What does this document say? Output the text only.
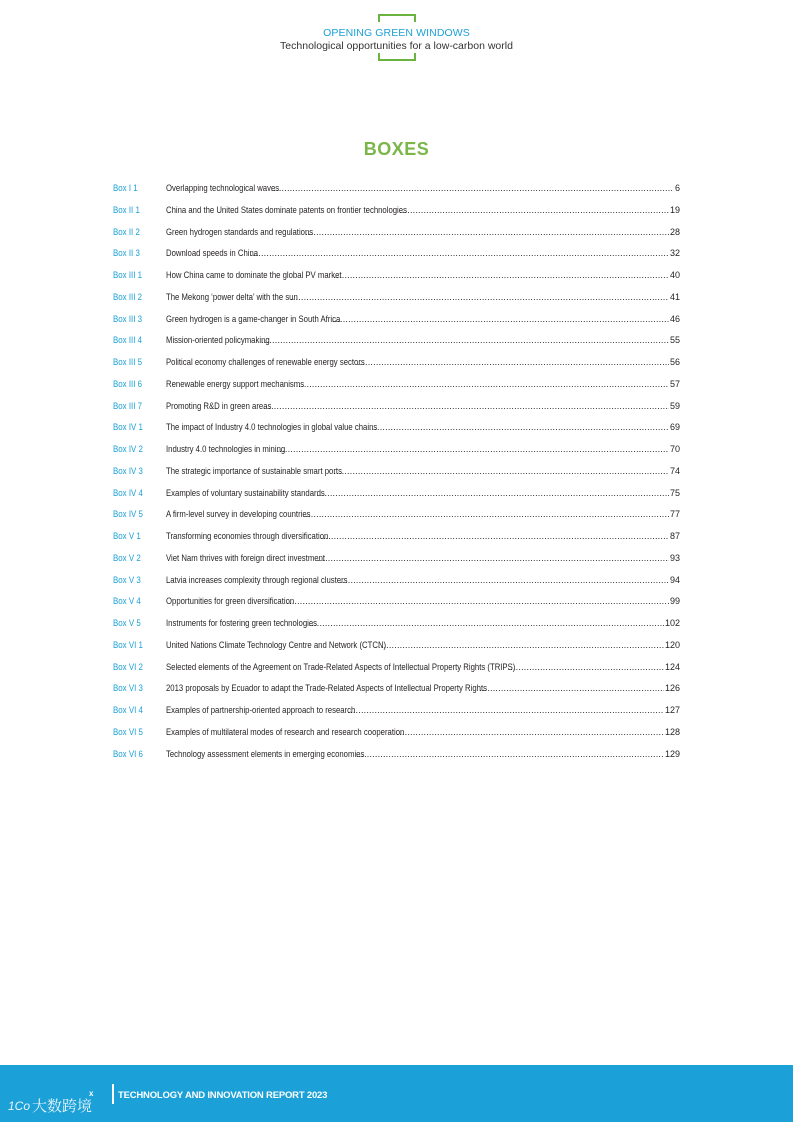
OPENING GREEN WINDOWS
Technological opportunities for a low-carbon world
BOXES
Box I 1	Overlapping technological waves .....	6
Box II 1	China and the United States dominate patents on frontier technologies .....	19
Box II 2	Green hydrogen standards and regulations .....	28
Box II 3	Download speeds in China .....	32
Box III 1	How China came to dominate the global PV market .....	40
Box III 2	The Mekong ‘power delta’ with the sun .....	41
Box III 3	Green hydrogen is a game-changer in South Africa .....	46
Box III 4	Mission-oriented policymaking .....	55
Box III 5	Political economy challenges of renewable energy sectors .....	56
Box III 6	Renewable energy support mechanisms .....	57
Box III 7	Promoting R&D in green areas .....	59
Box IV 1	The impact of Industry 4.0 technologies in global value chains .....	69
Box IV 2	Industry 4.0 technologies in mining .....	70
Box IV 3	The strategic importance of sustainable smart ports .....	74
Box IV 4	Examples of voluntary sustainability standards .....	75
Box IV 5	A firm-level survey in developing countries .....	77
Box V 1	Transforming economies through diversification .....	87
Box V 2	Viet Nam thrives with foreign direct investment .....	93
Box V 3	Latvia increases complexity through regional clusters .....	94
Box V 4	Opportunities for green diversification .....	99
Box V 5	Instruments for fostering green technologies .....	102
Box VI 1	United Nations Climate Technology Centre and Network (CTCN) .....	120
Box VI 2	Selected elements of the Agreement on Trade-Related Aspects of Intellectual Property Rights (TRIPS) .....	124
Box VI 3	2013 proposals by Ecuador to adapt the Trade-Related Aspects of Intellectual Property Rights .....	126
Box VI 4	Examples of partnership-oriented approach to research .....	127
Box VI 5	Examples of multilateral modes of research and research cooperation .....	128
Box VI 6	Technology assessment elements in emerging economies .....	129
1Co 大数跨境
x	TECHNOLOGY AND INNOVATION REPORT 2023
